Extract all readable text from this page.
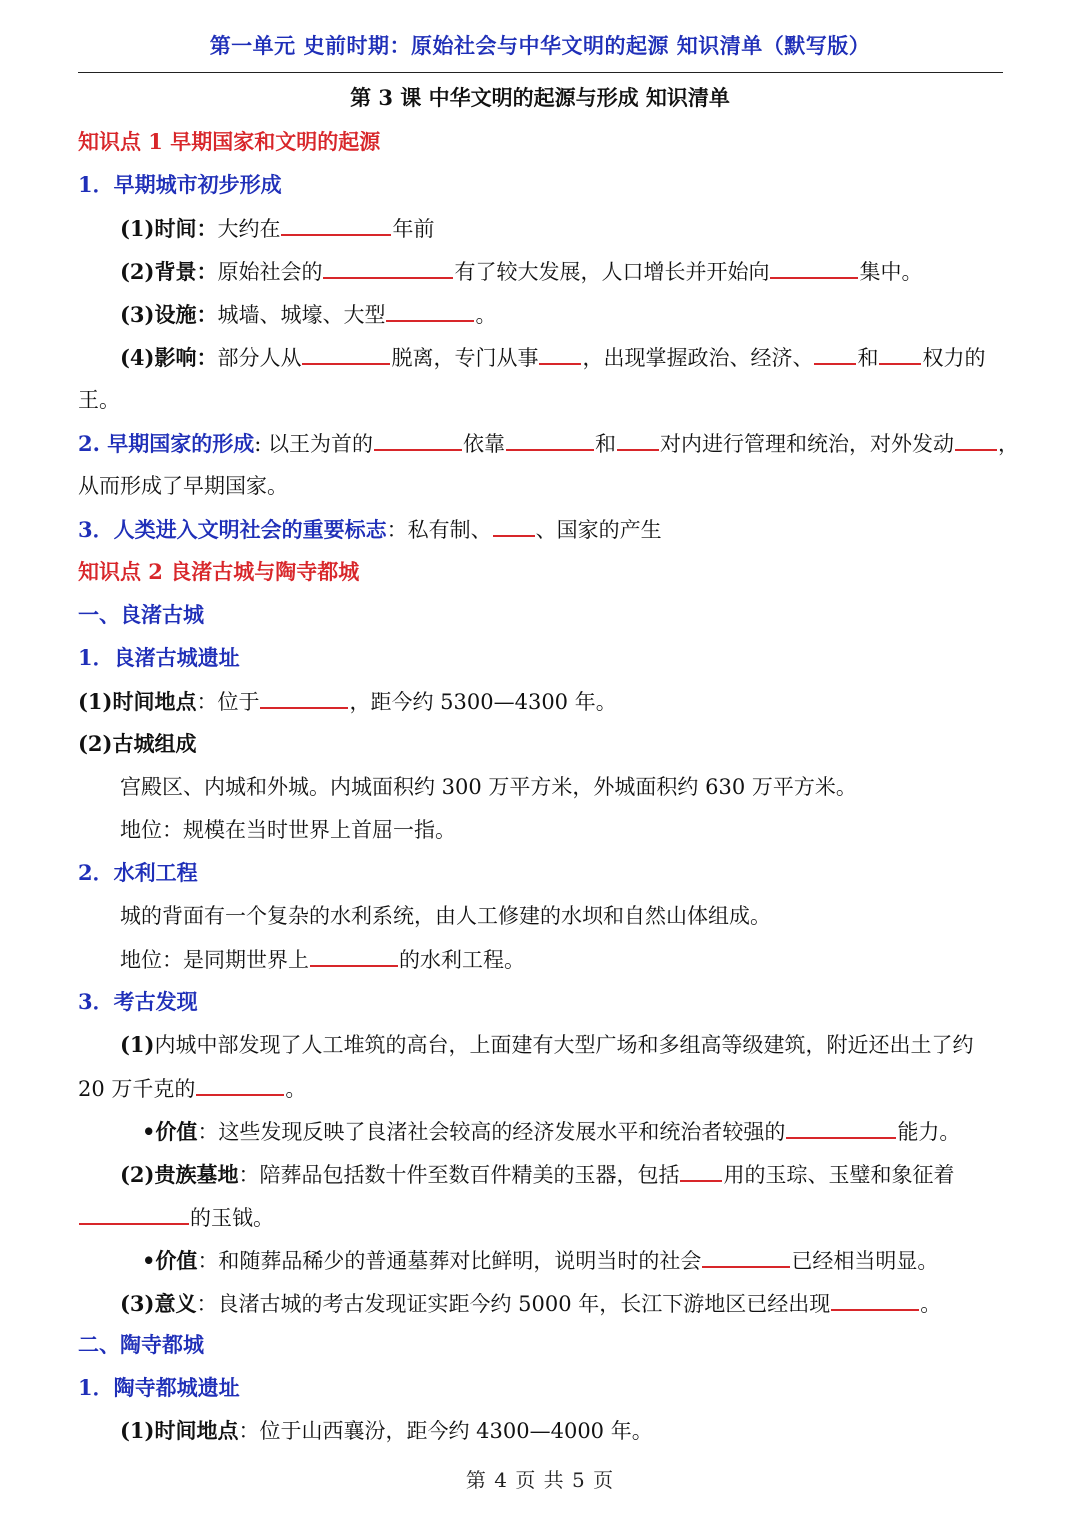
第一单元 史前时期：原始社会与中华文明的起源 知识清单（默写版）
第 3 课 中华文明的起源与形成 知识清单
知识点 1 早期国家和文明的起源
1．早期城市初步形成
(1)时间：大约在	年前
(2)背景：原始社会的	有了较大发展，人口增长并开始向	集中。
(3)设施：城墙、城壕、大型	。
(4)影响：部分人从	脱离，专门从事 ，出现掌握政治、经济、 和 权力的
王。
2. 早期国家的形成: 以王为首的	依靠	和 对内进行管理和统治，对外发动 ，
从而形成了早期国家。
3．人类进入文明社会的重要标志：私有制、 、国家的产生
知识点 2 良渚古城与陶寺都城
一、良渚古城
1．良渚古城遗址
(1)时间地点：位于	，距今约 5300—4300 年。
(2)古城组成
宫殿区、内城和外城。内城面积约 300 万平方米，外城面积约 630 万平方米。
地位：规模在当时世界上首屈一指。
2．水利工程
城的背面有一个复杂的水利系统，由人工修建的水坝和自然山体组成。
地位：是同期世界上	的水利工程。
3．考古发现
(1)内城中部发现了人工堆筑的高台，上面建有大型广场和多组高等级建筑，附近还出土了约
20 万千克的	。
•价值：这些发现反映了良渚社会较高的经济发展水平和统治者较强的	能力。
(2)贵族墓地：陪葬品包括数十件至数百件精美的玉器，包括 用的玉琮、玉璧和象征着
的玉钺。
•价值：和随葬品稀少的普通墓葬对比鲜明，说明当时的社会	已经相当明显。
(3)意义：良渚古城的考古发现证实距今约 5000 年，长江下游地区已经出现	。
二、陶寺都城
1．陶寺都城遗址
(1)时间地点：位于山西襄汾，距今约 4300—4000 年。
第 4 页 共 5 页
